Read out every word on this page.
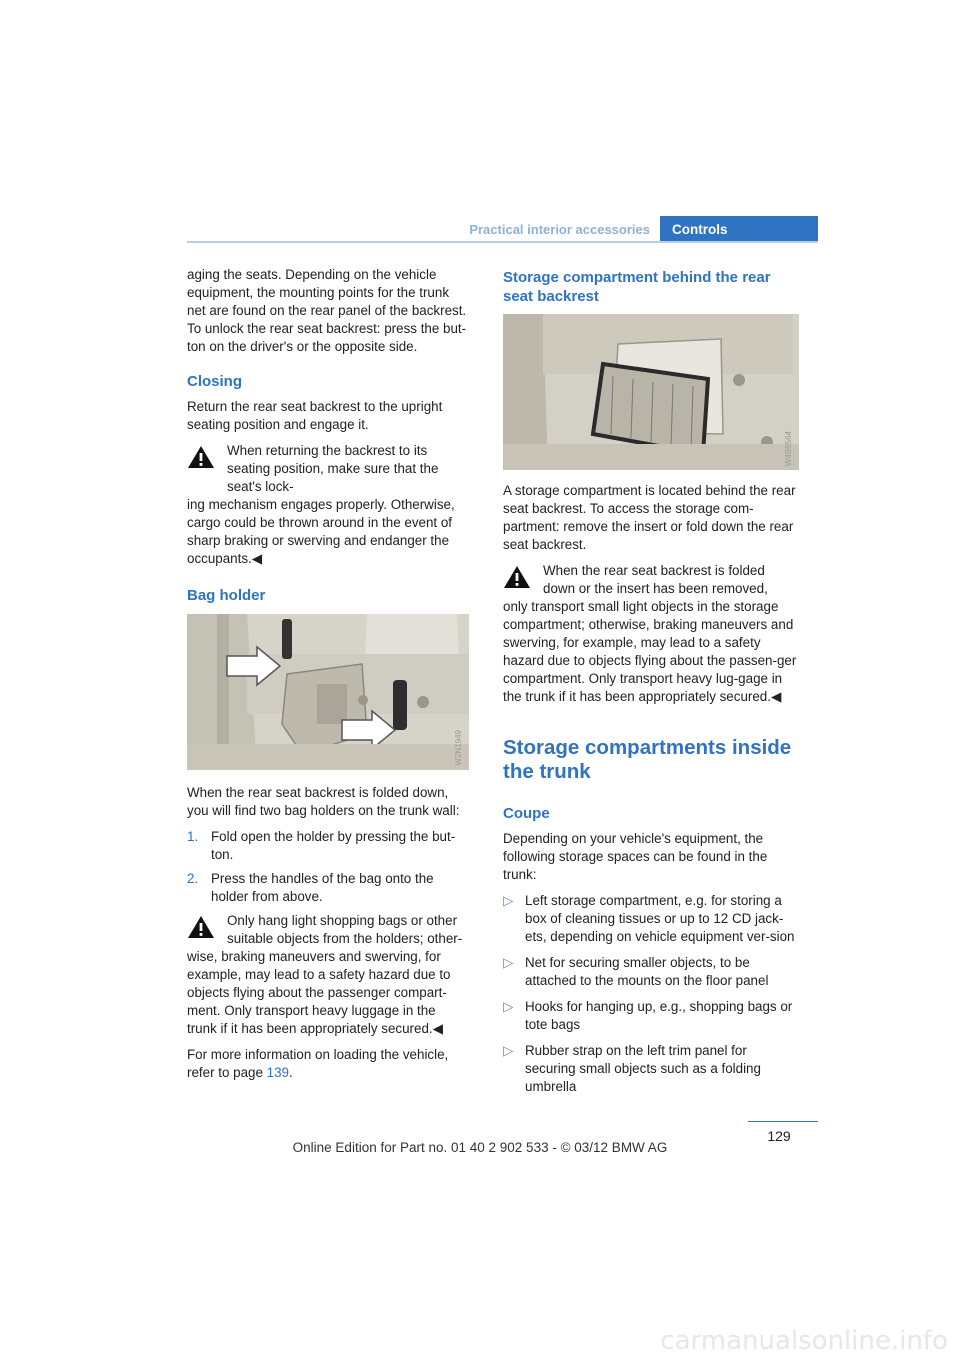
Practical interior accessories	Controls

aging the seats. Depending on the vehicle equipment, the mounting points for the trunk net are found on the rear panel of the backrest. To unlock the rear seat backrest: press the but-ton on the driver's or the opposite side.

Closing

Return the rear seat backrest to the upright seating position and engage it.

When returning the backrest to its seating position, make sure that the seat's lock-

ing mechanism engages properly. Otherwise, cargo could be thrown around in the event of sharp braking or swerving and endanger the occupants.◀

Bag holder
W2N1949

When the rear seat backrest is folded down, you will find two bag holders on the trunk wall:

1. Fold open the holder by pressing the but-ton.
2. Press the handles of the bag onto the holder from above.
Only hang light shopping bags or other suitable objects from the holders; other-

wise, braking maneuvers and swerving, for example, may lead to a safety hazard due to objects flying about the passenger compart-ment. Only transport heavy luggage in the trunk if it has been appropriately secured.◀

For more information on loading the vehicle, refer to page 139.

Storage compartment behind the rear seat backrest
W4B6564

A storage compartment is located behind the rear seat backrest. To access the storage com-partment: remove the insert or fold down the rear seat backrest.

When the rear seat backrest is folded down or the insert has been removed,

only transport small light objects in the storage compartment; otherwise, braking maneuvers and swerving, for example, may lead to a safety hazard due to objects flying about the passen-ger compartment. Only transport heavy lug-gage in the trunk if it has been appropriately secured.◀

Storage compartments inside the trunk
Coupe

Depending on your vehicle's equipment, the following storage spaces can be found in the trunk:

▷ Left storage compartment, e.g. for storing a box of cleaning tissues or up to 12 CD jack-ets, depending on vehicle equipment ver-sion
▷ Net for securing smaller objects, to be attached to the mounts on the floor panel
▷ Hooks for hanging up, e.g., shopping bags or tote bags
▷ Rubber strap on the left trim panel for securing small objects such as a folding umbrella
129
Online Edition for Part no. 01 40 2 902 533 - © 03/12 BMW AG
carmanualsonline.info
